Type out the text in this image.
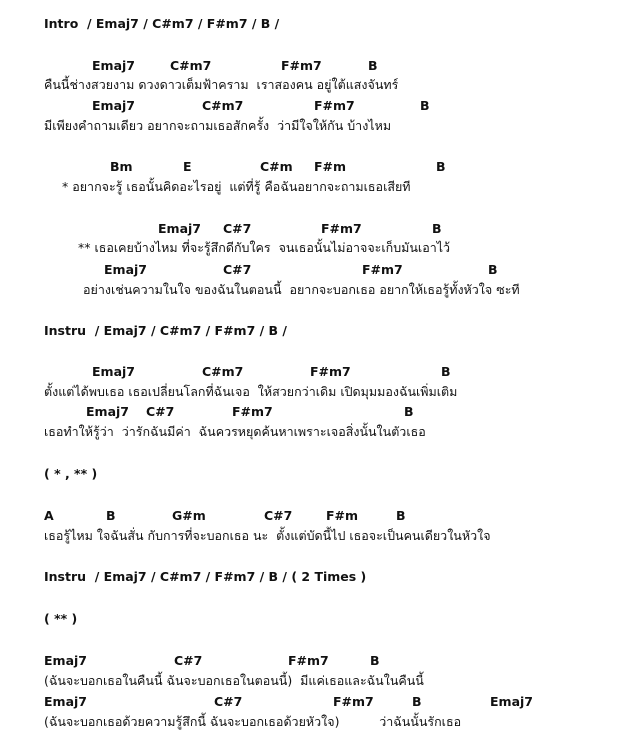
Intro  / Emaj7 / C#m7 / F#m7 / B /
Emaj7	C#m7	F#m7	B
คืนนี้ช่างสวยงาม ดวงดาวเต็มฟ้าคราม  เราสองคน อยู่ใต้แสงจันทร์
Emaj7	C#m7	F#m7	B
มีเพียงคำถามเดียว อยากจะถามเธอสักครั้ง  ว่ามีใจให้กัน บ้างไหม
Bm	E	C#m F#m	B
* อยากจะรู้ เธอนั้นคิดอะไรอยู่  แต่ที่รู้ คือฉันอยากจะถามเธอเสียที
Emaj7 C#7	F#m7	B
** เธอเคยบ้างไหม ที่จะรู้สึกดีกับใคร  จนเธอนั้นไม่อาจจะเก็บมันเอาไว้
Emaj7	C#7	F#m7	B
อย่างเช่นความในใจ ของฉันในตอนนี้  อยากจะบอกเธอ อยากให้เธอรู้ทั้งหัวใจ ซะที
Instru  / Emaj7 / C#m7 / F#m7 / B /
Emaj7	C#m7	F#m7	B
ตั้งแต่ได้พบเธอ เธอเปลี่ยนโลกที่ฉันเจอ  ให้สวยกว่าเดิม เปิดมุมมองฉันเพิ่มเติม
Emaj7 C#7	F#m7	B
เธอทำให้รู้ว่า  ว่ารักฉันมีค่า  ฉันควรหยุดค้นหาเพราะเจอสิ่งนั้นในตัวเธอ
( * , ** )
A	B	G#m	C#7	F#m	B
เธอรู้ไหม ใจฉันสั่น กับการที่จะบอกเธอ นะ  ตั้งแต่บัดนี้ไป เธอจะเป็นคนเดียวในหัวใจ
Instru  / Emaj7 / C#m7 / F#m7 / B / ( 2 Times )
( ** )
Emaj7	C#7	F#m7	B
(ฉันจะบอกเธอในคืนนี้ ฉันจะบอกเธอในตอนนี้)  มีแค่เธอและฉันในคืนนี้
Emaj7	C#7	F#m7	B	Emaj7
(ฉันจะบอกเธอด้วยความรู้สึกนี้ ฉันจะบอกเธอด้วยหัวใจ)          ว่าฉันนั้นรักเธอ
